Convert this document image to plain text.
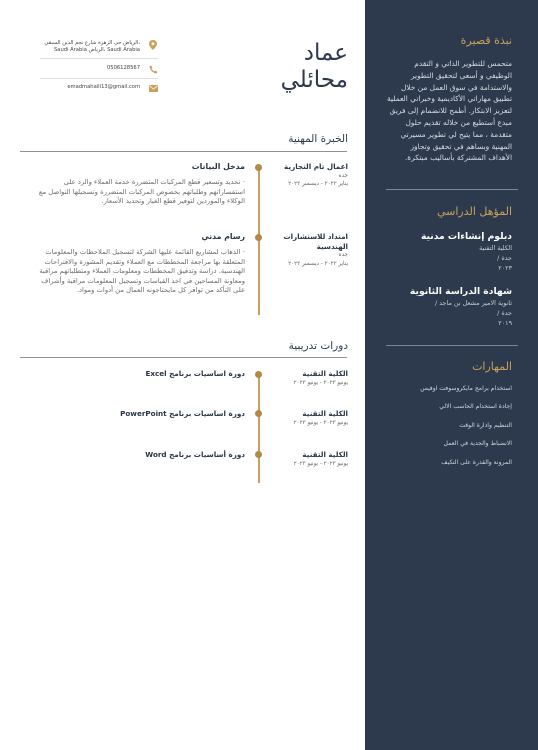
نبذة قصيرة
متحمس للتطوير الذاتي و التقدم الوظيفي و أسعى لتحقيق التطوير والاستدامة في سوق العمل من خلال تطبيق مهاراتي الأكاديمية وخبراتي العملية لتعزيز الابتكار. أطمح للانضمام إلى فريق مبدع أستطيع من خلاله تقديم حلول متقدمة ، مما يتيح لي تطوير مسيرتي المهنية وبساهم في تحقيق وتجاوز الأهداف المشتركة بأساليب مبتكرة.
المؤهل الدراسي
دبلوم إنشاءات مدنية
الكلية التقنية
جدة /
٢٠٢٣
شهادة الدراسة الثانوية
ثانوية الامير مشعل بن ماجد /
جدة /
٢٠١٩
المهارات
استخدام برامج مايكروسوفت اوفيس
إجادة استخدام الحاسب الالي
التنظيم وادارة الوقت
الانضباط والجدية في العمل
المرونة والقدرة على التكيف
عماد
محائلي
الرياض حي الزهرة شارع نجم الدين السبقي، Saudi Arabia الرياض، Saudi Arabia
0506128567
emadmahaili13@gmail.com
الخبرة المهنية
اعمال تام التجارية
جدة
يناير ٢٠٢٣ - ديسمبر ٢٠٢٣
مدخل البيانات
- تحديد وتسعير قطع المركبات المتضررة خدمة العملاء والرد على استفساراتهم وطلباتهم بخصوص المركبات المتضررة وتسجيلها التواصل مع الوكلاء والموردين لتوفير قطع الغيار وتحديد الأسعار.
امتداد للاستشارات الهندسية
جدة
يناير ٢٠٢٣ - ديسمبر ٢٠٢٣
رسام مدني
- الذهاب لمشاريع القائمة عليها الشركة لتسجيل الملاحظات والمعلومات المتعلقة بها مراجعة المخططات مع العملاء وتقديم المشورة والاقتراحات الهندسية. دراسة وتدقيق المخططات ومعلومات العملاء ومتطلباتهم مراقبة ومعاونة المساحين في اخذ القياسات وتسجيل المعلومات مراقبة وأشراف على التأكد من توافر كل مايحتاجونه العمال من أدوات ومواد.
دورات تدريبية
الكلية التقنية
يونيو ٢٠٢٣ - يونيو ٢٠٢٣
دورة اساسيات برنامج Excel
الكلية التقنية
يونيو ٢٠٢٣ - يونيو ٢٠٢٣
دورة اساسيات برنامج PowerPoint
الكلية التقنية
يونيو ٢٠٢٣ - يونيو ٢٠٢٣
دورة أساسيات برنامج Word
